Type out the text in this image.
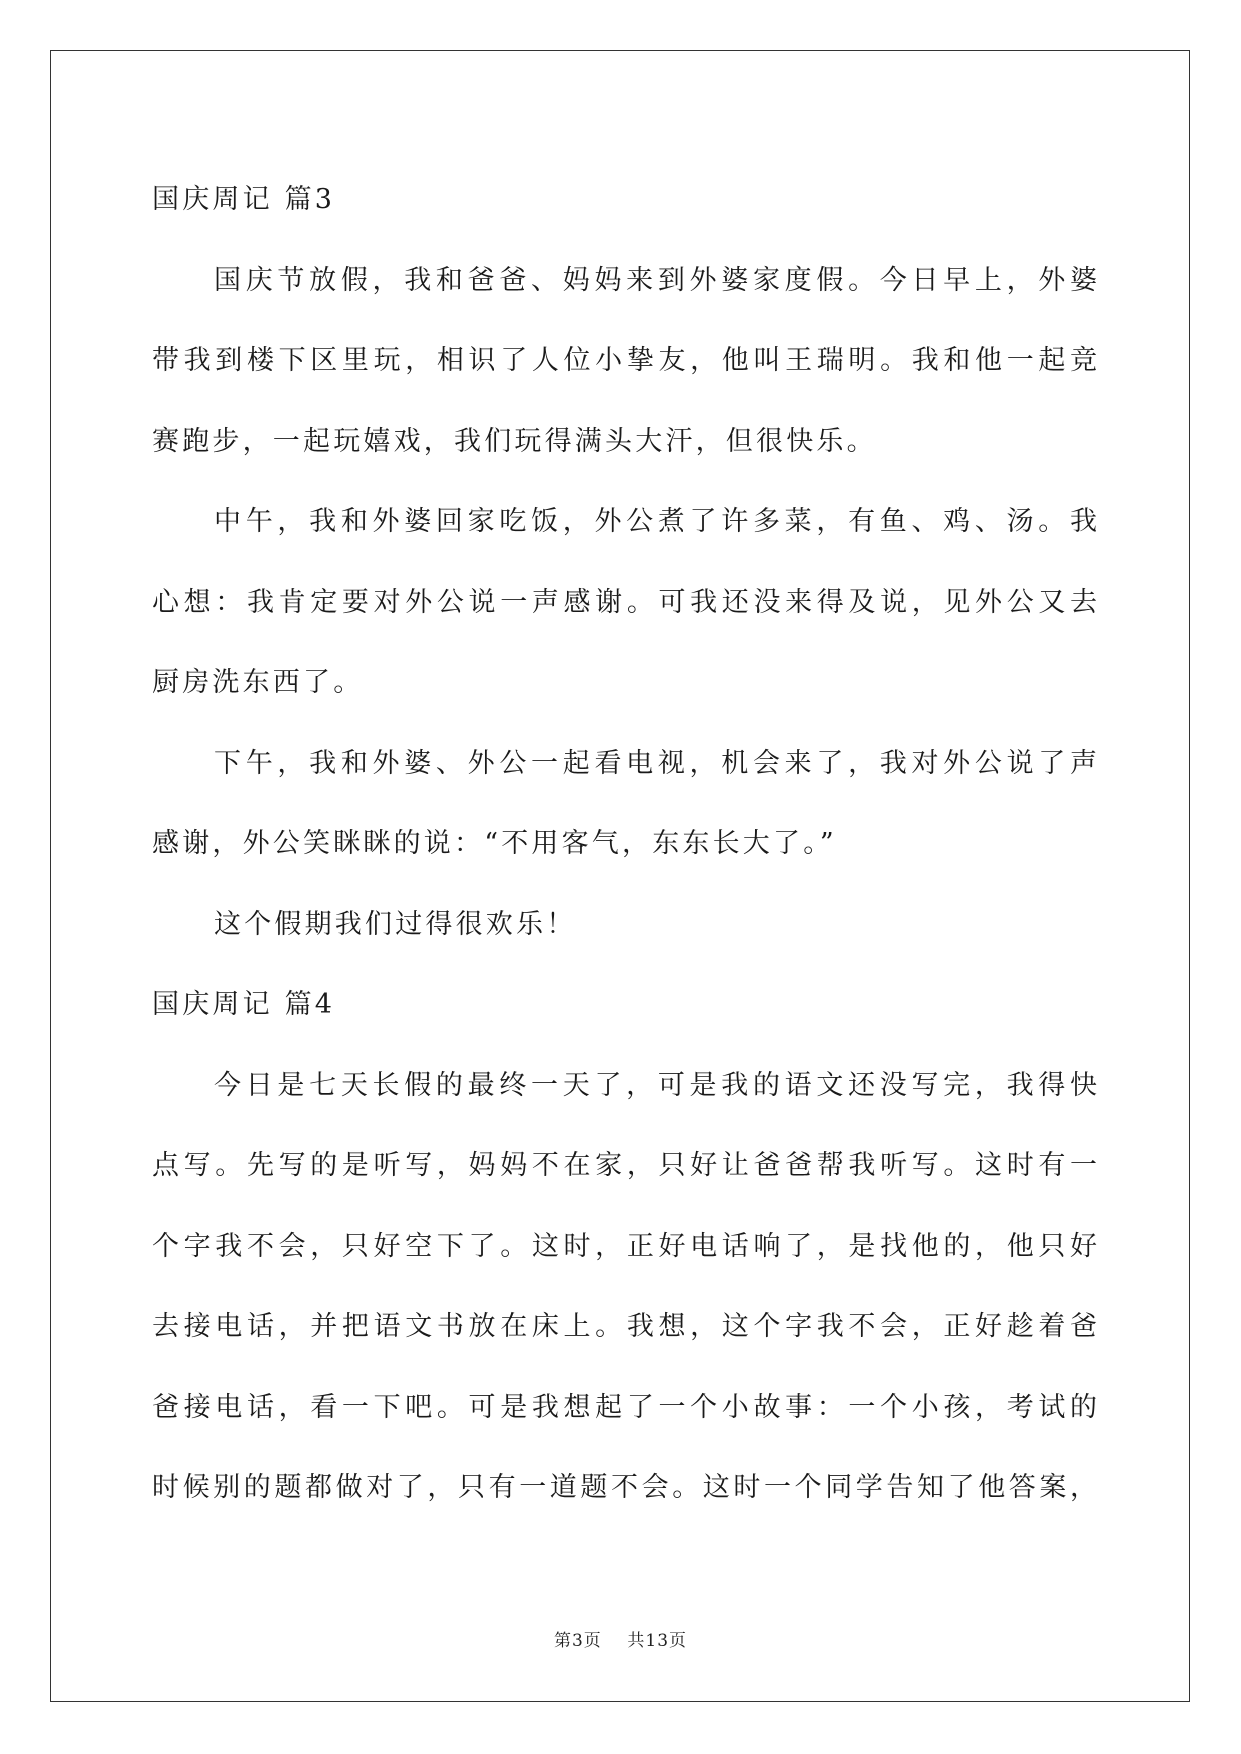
国庆周记 篇3

国庆节放假，我和爸爸、妈妈来到外婆家度假。今日早上，外婆

带我到楼下区里玩，相识了人位小挚友，他叫王瑞明。我和他一起竞

赛跑步，一起玩嬉戏，我们玩得满头大汗，但很快乐。

中午，我和外婆回家吃饭，外公煮了许多菜，有鱼、鸡、汤。我

心想：我肯定要对外公说一声感谢。可我还没来得及说，见外公又去

厨房洗东西了。

下午，我和外婆、外公一起看电视，机会来了，我对外公说了声

感谢，外公笑眯眯的说：“不用客气，东东长大了。”

这个假期我们过得很欢乐！

国庆周记 篇4

今日是七天长假的最终一天了，可是我的语文还没写完，我得快

点写。先写的是听写，妈妈不在家，只好让爸爸帮我听写。这时有一

个字我不会，只好空下了。这时，正好电话响了，是找他的，他只好

去接电话，并把语文书放在床上。我想，这个字我不会，正好趁着爸

爸接电话，看一下吧。可是我想起了一个小故事：一个小孩，考试的

时候别的题都做对了，只有一道题不会。这时一个同学告知了他答案，

第3页 共13页
